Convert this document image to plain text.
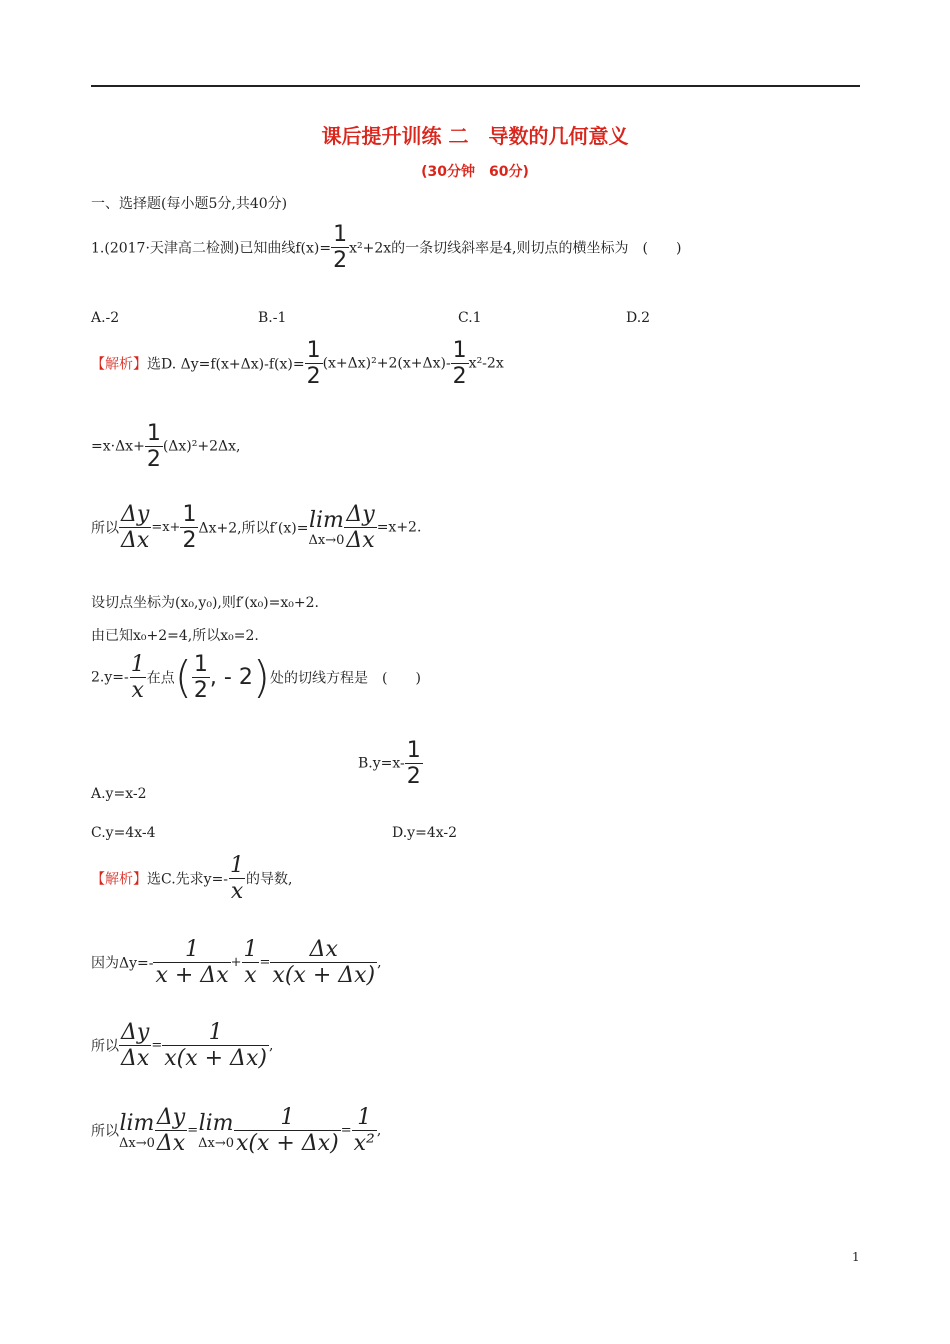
课后提升训练 二　导数的几何意义
(30分钟　60分)
一、选择题(每小题5分,共40分)
1.(2017·天津高二检测)已知曲线$f(x)= \frac{1}{2} x^2+2x$的一条切线斜率是4,则切点的横坐标为　(　　)
A.-2	B.-1	C.1	D.2
【解析】选D. $\Delta y=f(x+\Delta x)-f(x)= \frac{1}{2} (x+\Delta x)^2+2(x+\Delta x)- \frac{1}{2} x^2-2x$
$=x\cdot\Delta x+ \frac{1}{2} (\Delta x)^2+2\Delta x$,
所以 $\frac{\Delta y}{\Delta x} =x+ \frac{1}{2} \Delta x+2$,所以f′(x)= lim
$\Delta x\to 0 \frac{\Delta y}{\Delta x} =x+2$.
设切点坐标为(x₀,y₀),则f′(x₀)=x₀+2.
由已知x₀+2=4,所以x₀=2.
$2.y=- \frac{1}{x}$ 在点( $\frac{1}{2}$ , - 2)处的切线方程是　(　　)
A.y=x-2
$B.y=x- \frac{1}{2}$
C.y=4x-4	D.y=4x-2
【解析】选C.先求$y=- \frac{1}{x}$ 的导数,
因为$\Delta y=- \frac{1}{x + \Delta x} + \frac{1}{x} = \frac{\Delta x}{x(x + \Delta x)}$ ,
所以 $\frac{\Delta y}{\Delta x} = \frac{1}{x(x + \Delta x)}$ ,
所以 lim
$\Delta x\to 0 \frac{\Delta y}{\Delta x} = \lim$
$\Delta x\to 0 \frac{1}{x(x + \Delta x)} = \frac{1}{\text{x²}}$ ,
1
